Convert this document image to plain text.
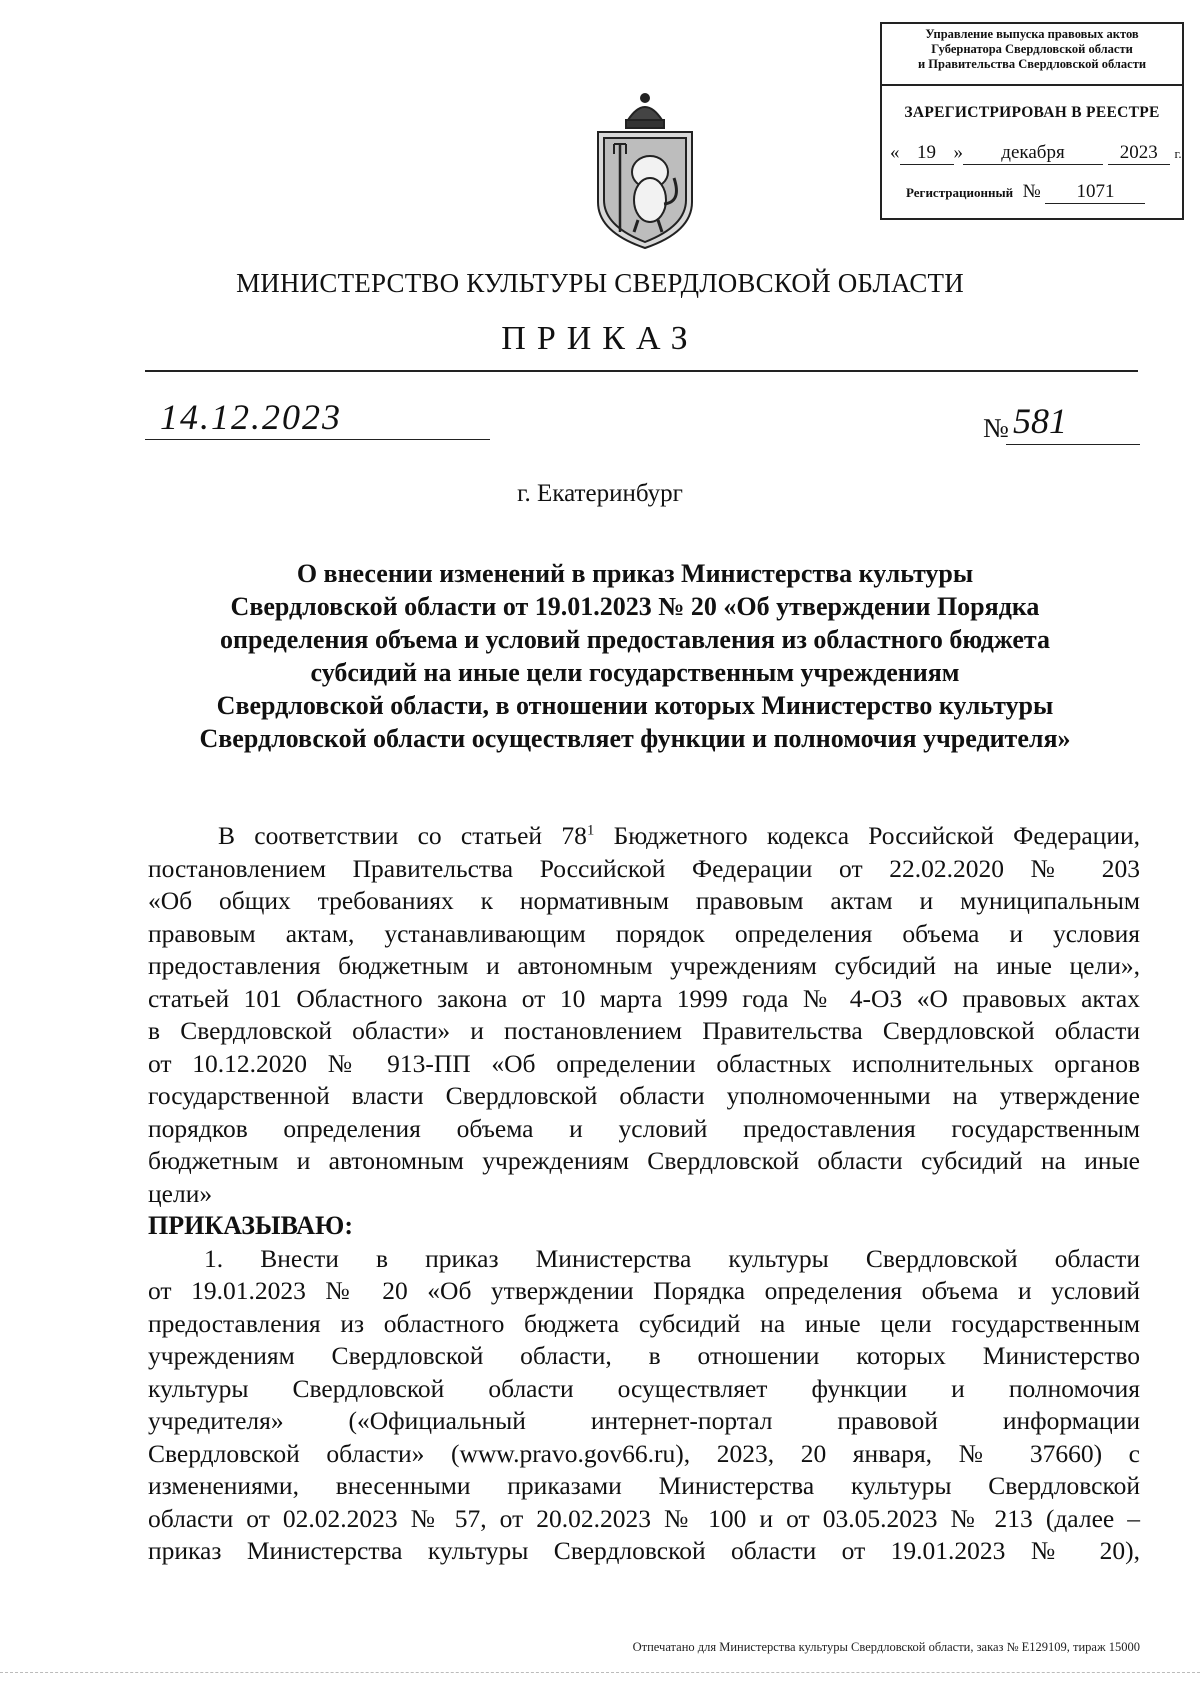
Управление выпуска правовых актов
Губернатора Свердловской области
и Правительства Свердловской области
ЗАРЕГИСТРИРОВАН В РЕЕСТРЕ
« 19 » декабря	2023 г.
Регистрационный № 1071
МИНИСТЕРСТВО КУЛЬТУРЫ СВЕРДЛОВСКОЙ ОБЛАСТИ
ПРИКАЗ
14.12.2023	№ 581
г. Екатеринбург
О внесении изменений в приказ Министерства культуры
Свердловской области от 19.01.2023 № 20 «Об утверждении Порядка
определения объема и условий предоставления из областного бюджета
субсидий на иные цели государственным учреждениям
Свердловской области, в отношении которых Министерство культуры
Свердловской области осуществляет функции и полномочия учредителя»
В соответствии со статьей $78^1$ Бюджетного кодекса Российской Федерации,
постановлением Правительства Российской Федерации от 22.02.2020 № 203
«Об общих требованиях к нормативным правовым актам и муниципальным
правовым актам, устанавливающим порядок определения объема и условия
предоставления бюджетным и автономным учреждениям субсидий на иные цели»,
статьей 101 Областного закона от 10 марта 1999 года № 4-ОЗ «О правовых актах
в Свердловской области» и постановлением Правительства Свердловской области
от 10.12.2020 № 913-ПП «Об определении областных исполнительных органов
государственной власти Свердловской области уполномоченными на утверждение
порядков определения объема и условий предоставления государственным
бюджетным и автономным учреждениям Свердловской области субсидий на иные
цели»
ПРИКАЗЫВАЮ:
1. Внести в приказ Министерства культуры Свердловской области
от 19.01.2023 № 20 «Об утверждении Порядка определения объема и условий
предоставления из областного бюджета субсидий на иные цели государственным
учреждениям Свердловской области, в отношении которых Министерство
культуры Свердловской области осуществляет функции и полномочия
учредителя» («Официальный интернет-портал правовой информации
Свердловской области» (www.pravo.gov66.ru), 2023, 20 января, № 37660) с
изменениями, внесенными приказами Министерства культуры Свердловской
области от 02.02.2023 № 57, от 20.02.2023 № 100 и от 03.05.2023 № 213 (далее –
приказ Министерства культуры Свердловской области от 19.01.2023 № 20),
Отпечатано для Министерства культуры Свердловской области, заказ № Е129109, тираж 15000
